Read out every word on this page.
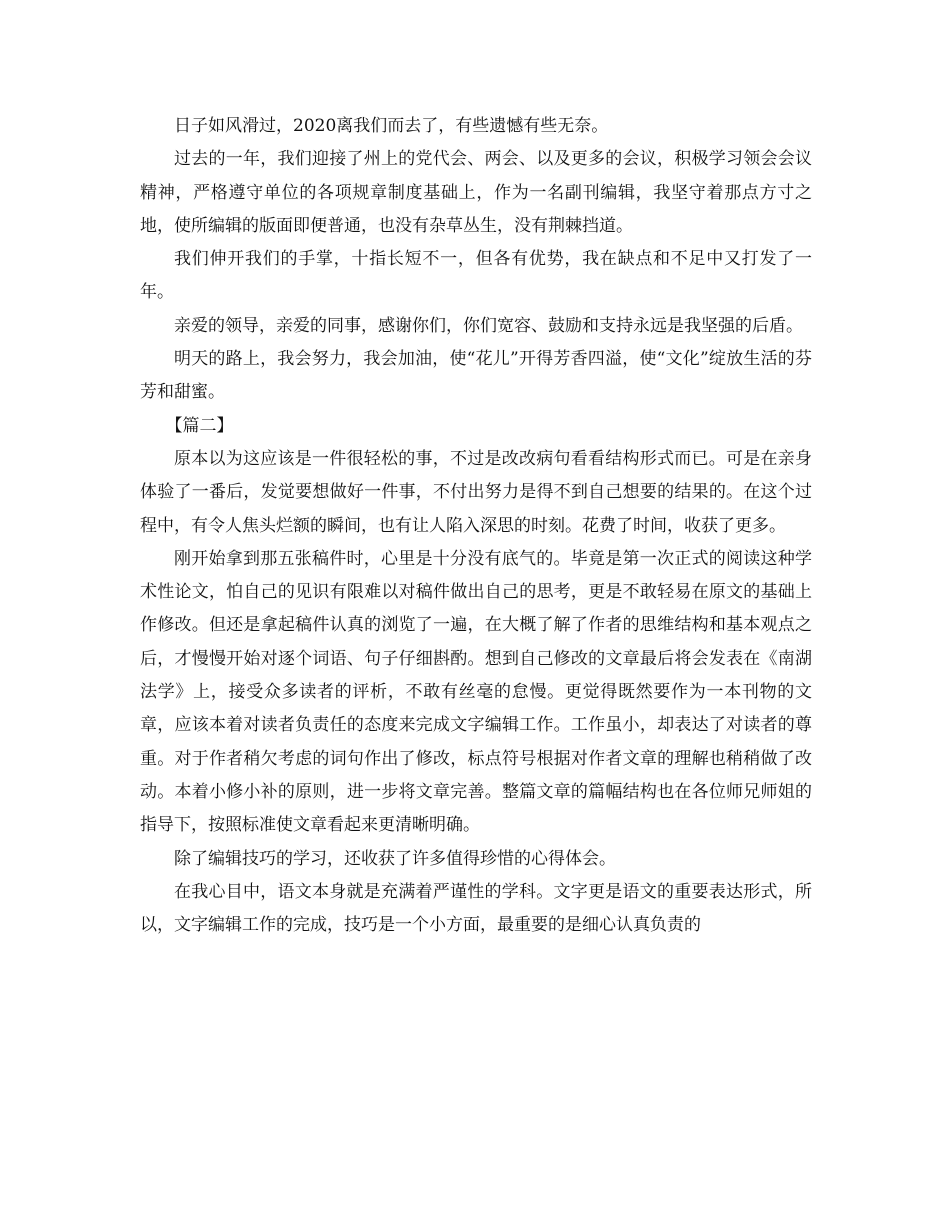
日子如风滑过，2020离我们而去了，有些遗憾有些无奈。

过去的一年，我们迎接了州上的党代会、两会、以及更多的会议，积极学习领会会议精神，严格遵守单位的各项规章制度基础上，作为一名副刊编辑，我坚守着那点方寸之地，使所编辑的版面即便普通，也没有杂草丛生，没有荆棘挡道。

我们伸开我们的手掌，十指长短不一，但各有优势，我在缺点和不足中又打发了一年。

亲爱的领导，亲爱的同事，感谢你们，你们宽容、鼓励和支持永远是我坚强的后盾。

明天的路上，我会努力，我会加油，使“花儿”开得芳香四溢，使“文化”绽放生活的芬芳和甜蜜。

【篇二】

原本以为这应该是一件很轻松的事，不过是改改病句看看结构形式而已。可是在亲身体验了一番后，发觉要想做好一件事，不付出努力是得不到自己想要的结果的。在这个过程中，有令人焦头烂额的瞬间，也有让人陷入深思的时刻。花费了时间，收获了更多。

刚开始拿到那五张稿件时，心里是十分没有底气的。毕竟是第一次正式的阅读这种学术性论文，怕自己的见识有限难以对稿件做出自己的思考，更是不敢轻易在原文的基础上作修改。但还是拿起稿件认真的浏览了一遍，在大概了解了作者的思维结构和基本观点之后，才慢慢开始对逐个词语、句子仔细斟酌。想到自己修改的文章最后将会发表在《南湖法学》上，接受众多读者的评析，不敢有丝毫的怠慢。更觉得既然要作为一本刊物的文章，应该本着对读者负责任的态度来完成文字编辑工作。工作虽小，却表达了对读者的尊重。对于作者稍欠考虑的词句作出了修改，标点符号根据对作者文章的理解也稍稍做了改动。本着小修小补的原则，进一步将文章完善。整篇文章的篇幅结构也在各位师兄师姐的指导下，按照标准使文章看起来更清晰明确。

除了编辑技巧的学习，还收获了许多值得珍惜的心得体会。

在我心目中，语文本身就是充满着严谨性的学科。文字更是语文的重要表达形式，所以，文字编辑工作的完成，技巧是一个小方面，最重要的是细心认真负责的
